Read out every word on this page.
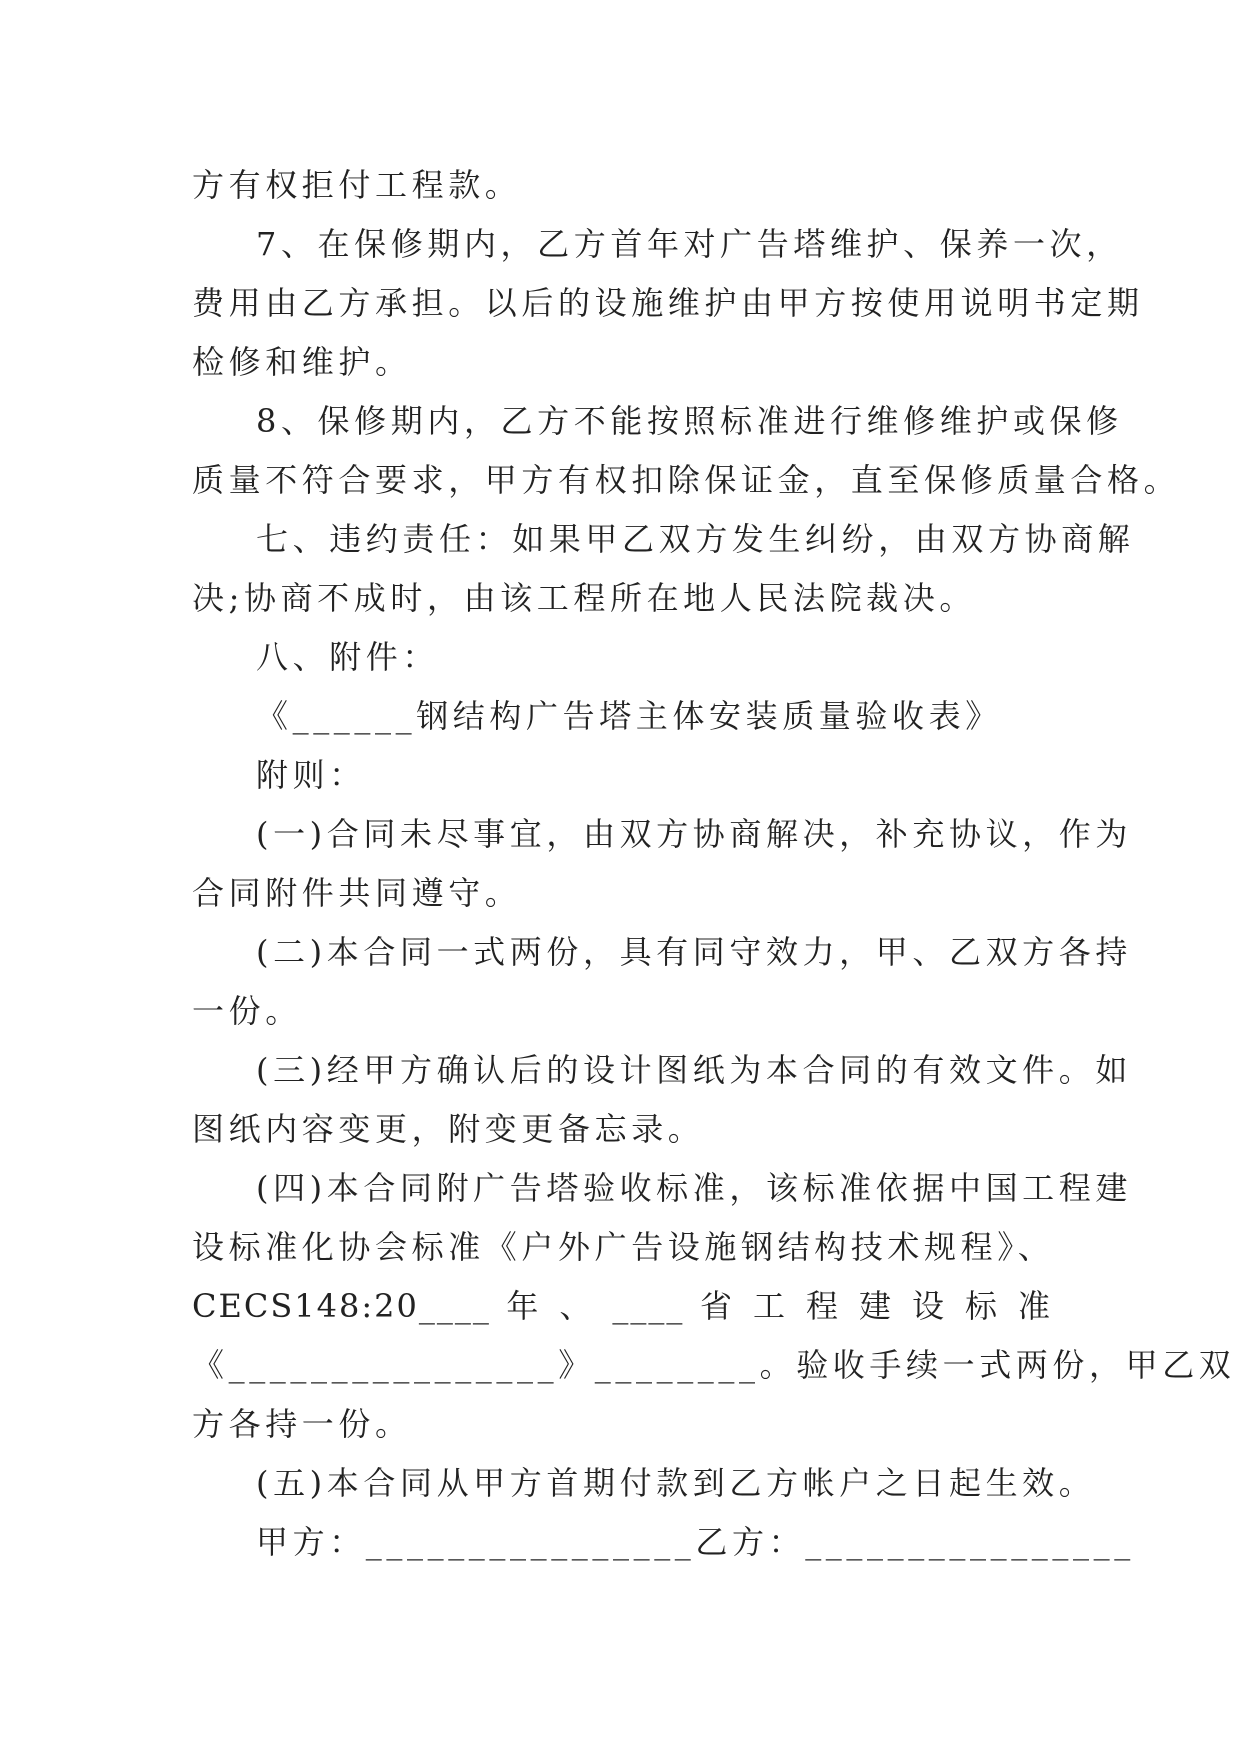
方有权拒付工程款。
7、在保修期内，乙方首年对广告塔维护、保养一次，
费用由乙方承担。以后的设施维护由甲方按使用说明书定期
检修和维护。
8、保修期内，乙方不能按照标准进行维修维护或保修
质量不符合要求，甲方有权扣除保证金，直至保修质量合格。
七、违约责任：如果甲乙双方发生纠纷，由双方协商解
决;协商不成时，由该工程所在地人民法院裁决。
八、附件：
《______钢结构广告塔主体安装质量验收表》
附则：
(一)合同未尽事宜，由双方协商解决，补充协议，作为
合同附件共同遵守。
(二)本合同一式两份，具有同守效力，甲、乙双方各持
一份。
(三)经甲方确认后的设计图纸为本合同的有效文件。如
图纸内容变更，附变更备忘录。
(四)本合同附广告塔验收标准，该标准依据中国工程建
设标准化协会标准《户外广告设施钢结构技术规程》、
CECS148:20____ 年 、 ____ 省 工 程 建 设 标 准
《________________》________。验收手续一式两份，甲乙双
方各持一份。
(五)本合同从甲方首期付款到乙方帐户之日起生效。
甲方：________________乙方：________________
